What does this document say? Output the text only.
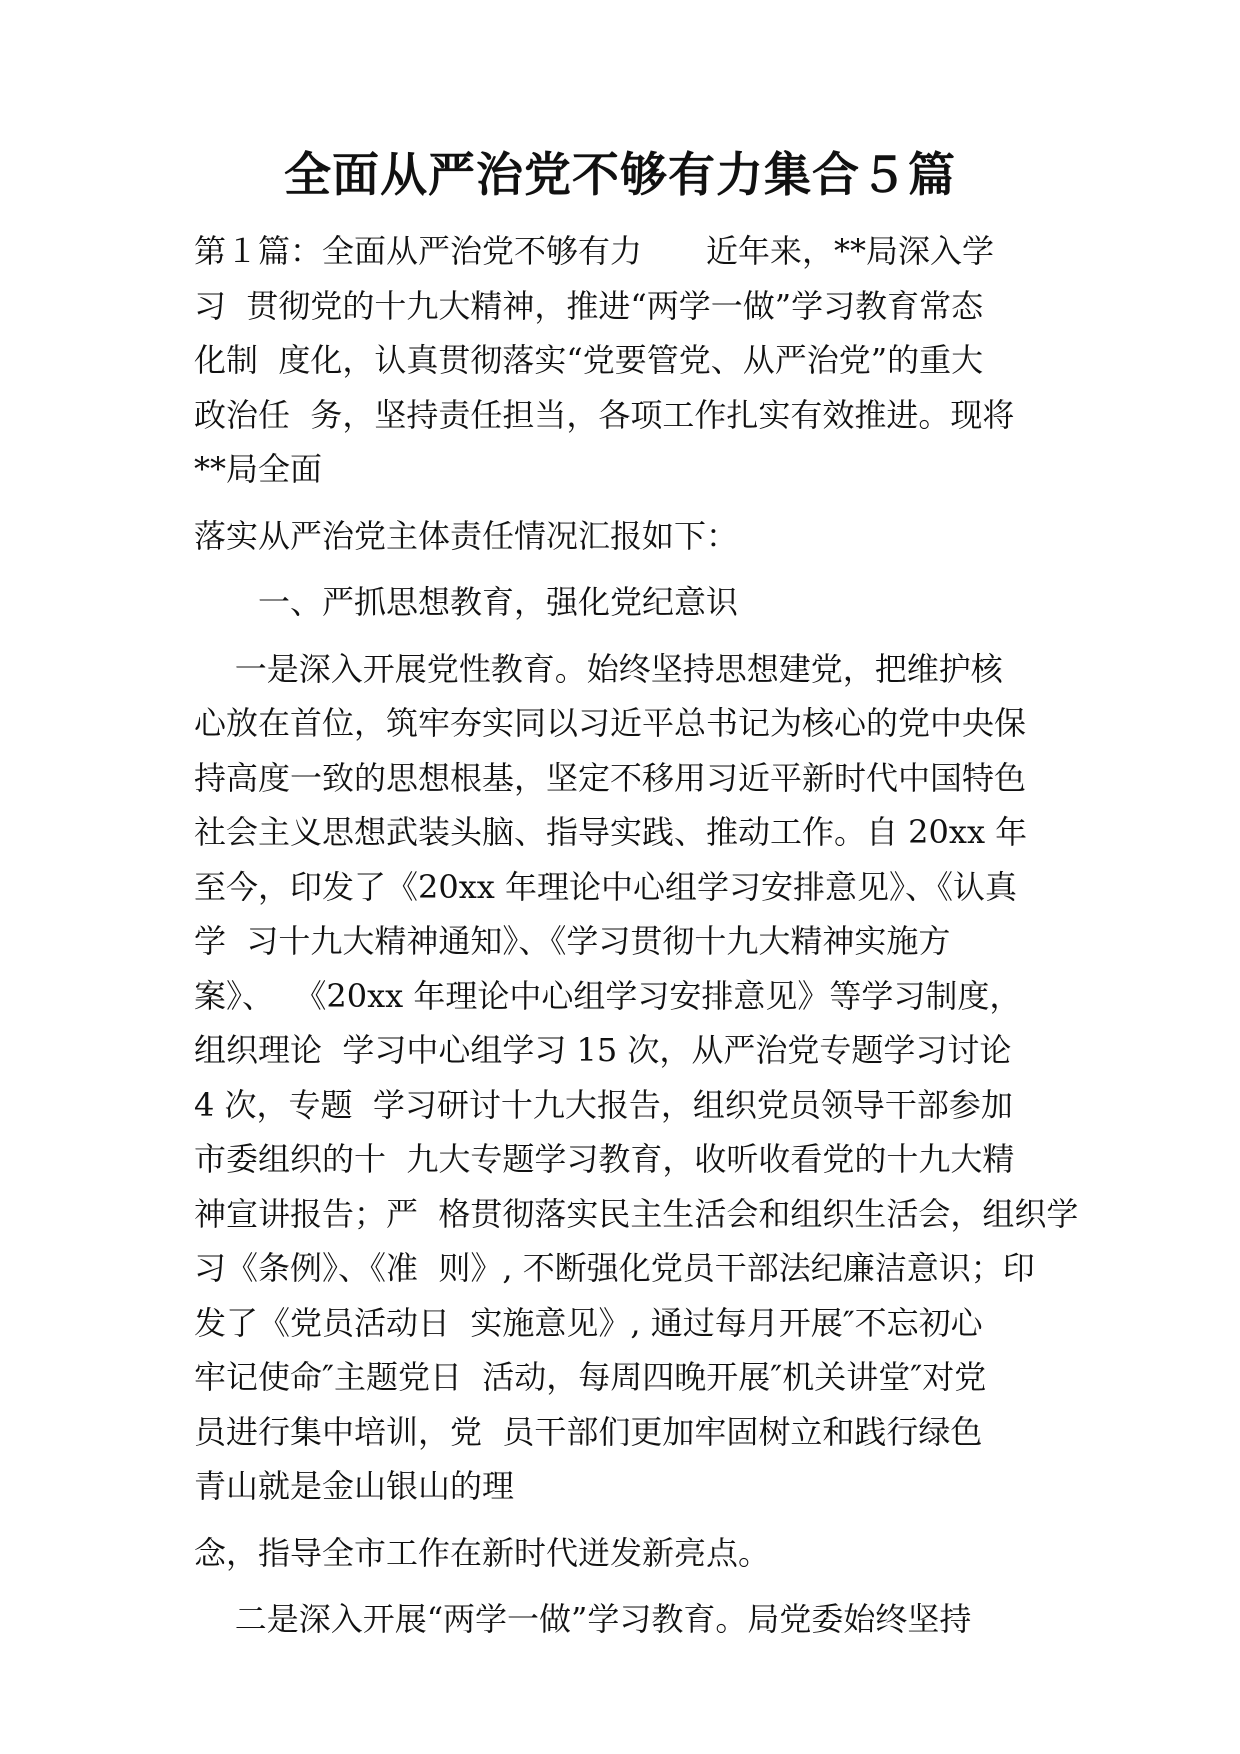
全面从严治党不够有力集合５篇
第１篇：全面从严治党不够有力　　近年来，**局深入学
习  贯彻党的十九大精神，推进“两学一做”学习教育常态
化制  度化，认真贯彻落实“党要管党、从严治党”的重大
政治任  务，坚持责任担当，各项工作扎实有效推进。现将
**局全面
落实从严治党主体责任情况汇报如下：
一、严抓思想教育，强化党纪意识
一是深入开展党性教育。始终坚持思想建党，把维护核
心放在首位，筑牢夯实同以习近平总书记为核心的党中央保
持高度一致的思想根基，坚定不移用习近平新时代中国特色
社会主义思想武装头脑、指导实践、推动工作。自 20xx 年
至今，印发了《20xx 年理论中心组学习安排意见》、《认真
学  习十九大精神通知》、《学习贯彻十九大精神实施方
案》、  《20xx 年理论中心组学习安排意见》等学习制度，
组织理论  学习中心组学习 15 次，从严治党专题学习讨论
4 次，专题  学习研讨十九大报告，组织党员领导干部参加
市委组织的十  九大专题学习教育，收听收看党的十九大精
神宣讲报告；严  格贯彻落实民主生活会和组织生活会，组织学
习《条例》、《准  则》, 不断强化党员干部法纪廉洁意识；印
发了《党员活动日  实施意见》, 通过每月开展″不忘初心
牢记使命″主题党日  活动，每周四晚开展″机关讲堂″对党
员进行集中培训，党  员干部们更加牢固树立和践行绿色
青山就是金山银山的理
念，指导全市工作在新时代迸发新亮点。
二是深入开展“两学一做”学习教育。局党委始终坚持
